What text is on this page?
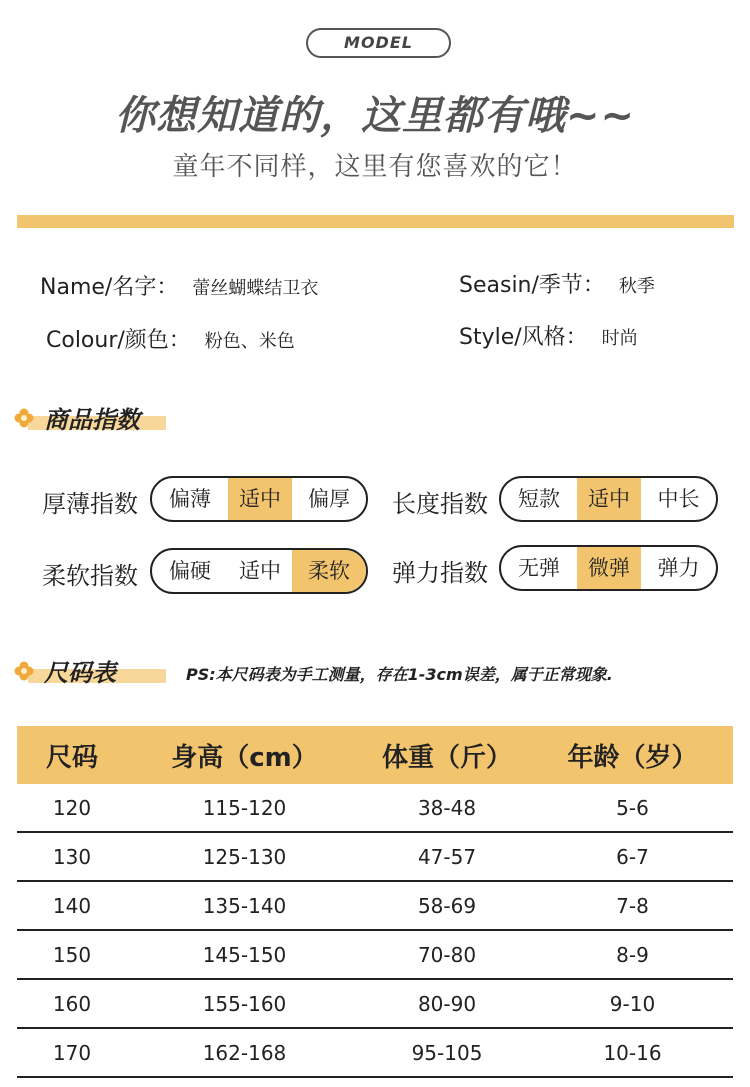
MODEL
你想知道的，这里都有哦~~
童年不同样，这里有您喜欢的它！
Name/名字： 蕾丝蝴蝶结卫衣	Seasin/季节： 秋季
Colour/颜色： 粉色、米色	Style/风格： 时尚
商品指数
厚薄指数	偏薄	适中	偏厚	长度指数	短款	适中	中长
柔软指数	偏硬	适中	柔软	弹力指数	无弹	微弹	弹力
尺码表	PS:本尺码表为手工测量，存在1-3cm误差，属于正常现象.
尺码	身高（cm）	体重（斤）	年龄（岁）
120	115-120	38-48	5-6
130	125-130	47-57	6-7
140	135-140	58-69	7-8
150	145-150	70-80	8-9
160	155-160	80-90	9-10
170	162-168	95-105	10-16
